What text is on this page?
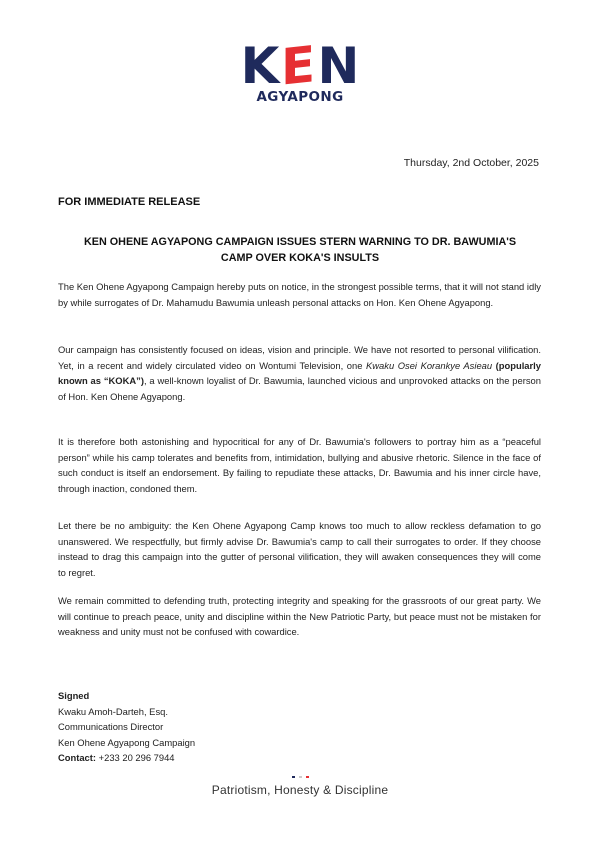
K E N
AGYAPONG
Thursday, 2nd October, 2025
FOR IMMEDIATE RELEASE
KEN OHENE AGYAPONG CAMPAIGN ISSUES STERN WARNING TO DR. BAWUMIA'S
CAMP OVER KOKA'S INSULTS
The Ken Ohene Agyapong Campaign hereby puts on notice, in the strongest possible terms, that it will not stand idly by while surrogates of Dr. Mahamudu Bawumia unleash personal attacks on Hon. Ken Ohene Agyapong.
Our campaign has consistently focused on ideas, vision and principle. We have not resorted to personal vilification. Yet, in a recent and widely circulated video on Wontumi Television, one Kwaku Osei Korankye Asieau (popularly known as “KOKA”), a well-known loyalist of Dr. Bawumia, launched vicious and unprovoked attacks on the person of Hon. Ken Ohene Agyapong.
It is therefore both astonishing and hypocritical for any of Dr. Bawumia's followers to portray him as a “peaceful person” while his camp tolerates and benefits from, intimidation, bullying and abusive rhetoric. Silence in the face of such conduct is itself an endorsement. By failing to repudiate these attacks, Dr. Bawumia and his inner circle have, through inaction, condoned them.
Let there be no ambiguity: the Ken Ohene Agyapong Camp knows too much to allow reckless defamation to go unanswered. We respectfully, but firmly advise Dr. Bawumia's camp to call their surrogates to order. If they choose instead to drag this campaign into the gutter of personal vilification, they will awaken consequences they will come to regret.
We remain committed to defending truth, protecting integrity and speaking for the grassroots of our great party. We will continue to preach peace, unity and discipline within the New Patriotic Party, but peace must not be mistaken for weakness and unity must not be confused with cowardice.
Signed
Kwaku Amoh-Darteh, Esq.
Communications Director
Ken Ohene Agyapong Campaign
Contact: +233 20 296 7944
Patriotism, Honesty & Discipline
